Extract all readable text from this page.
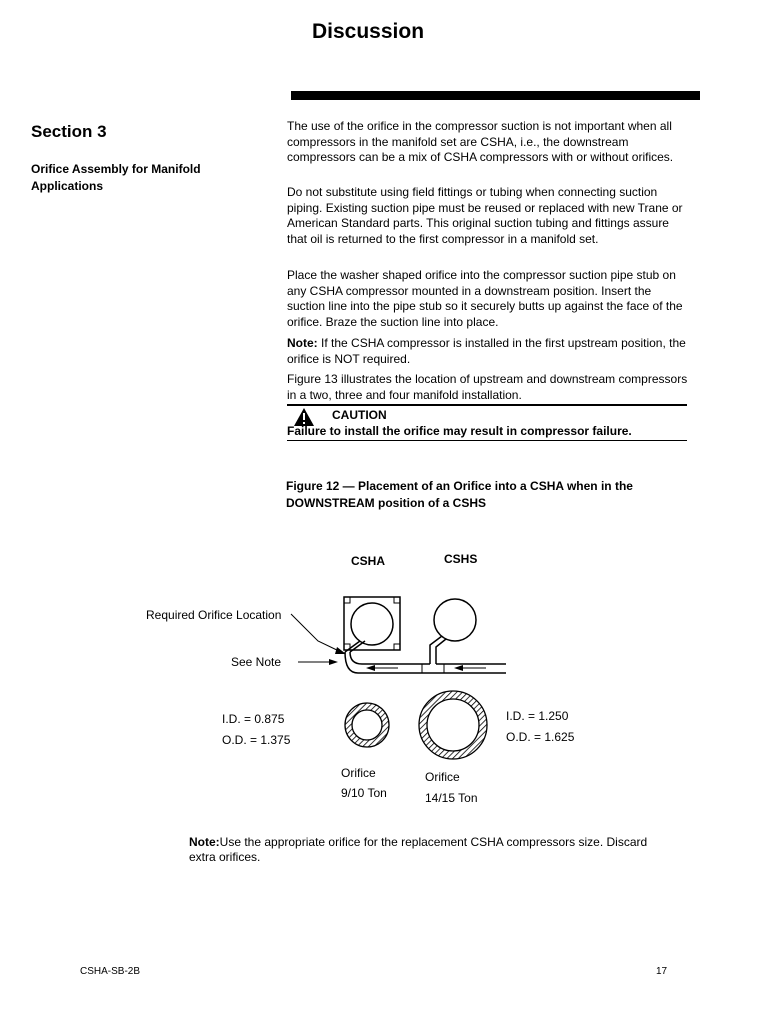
Discussion
Section 3
Orifice Assembly for Manifold Applications
The use of the orifice in the compressor suction is not important when all compressors in the manifold set are CSHA, i.e., the downstream compressors can be a mix of CSHA compressors with or without orifices.
Do not substitute using field fittings or tubing when connecting suction piping. Existing suction pipe must be reused or replaced with new Trane or American Standard parts. This original suction tubing and fittings assure that oil is returned to the first compressor in a manifold set.
Place the washer shaped orifice into the compressor suction pipe stub on any CSHA compressor mounted in a downstream position. Insert the suction line into the pipe stub so it securely butts up against the face of the orifice. Braze the suction line into place.
Note: If the CSHA compressor is installed in the first upstream position, the orifice is NOT required.
Figure 13 illustrates the location of upstream and downstream compressors in a two, three and four manifold installation.
CAUTION
Failure to install the orifice may result in compressor failure.
Figure 12 — Placement of an Orifice into a CSHA when in the DOWNSTREAM position of a CSHS
CSHA	CSHS
Required Orifice Location
See Note
I.D. = 0.875
O.D. = 1.375
Orifice
9/10 Ton
I.D. = 1.250
O.D. = 1.625
Orifice
14/15 Ton
Note:Use the appropriate orifice for the replacement CSHA compressors size. Discard extra orifices.
CSHA-SB-2B	17
